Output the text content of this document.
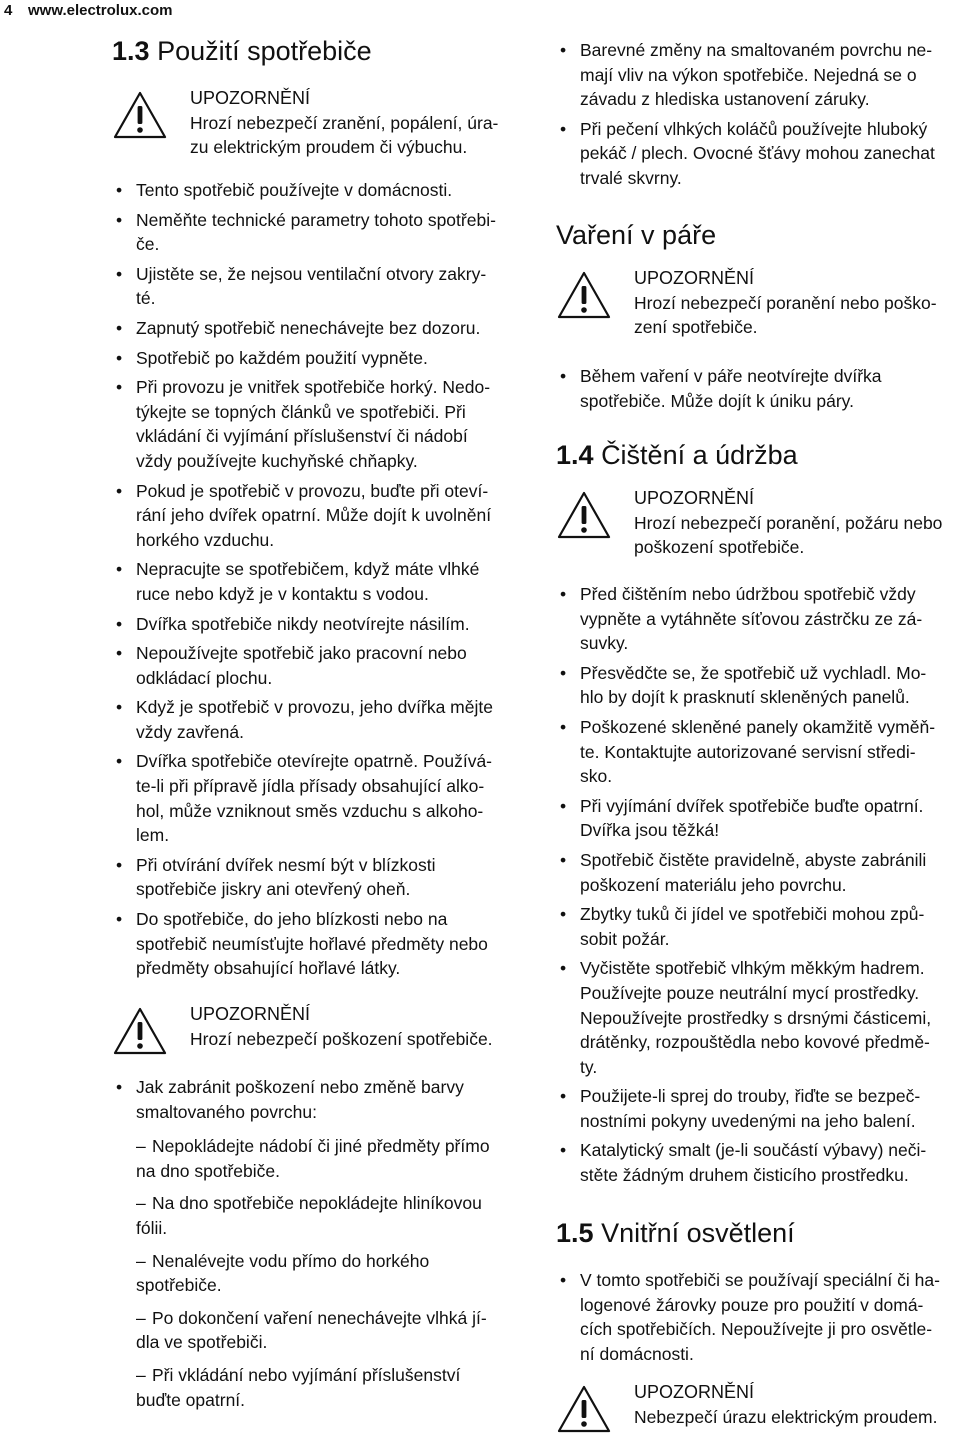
4 www.electrolux.com
1.3 Použití spotřebiče
UPOZORNĚNÍ
Hrozí nebezpečí zranění, popálení, úra-
zu elektrickým proudem či výbuchu.
• Tento spotřebič používejte v domácnosti.
• Neměňte technické parametry tohoto spotřebi-
če.
• Ujistěte se, že nejsou ventilační otvory zakry-
té.
• Zapnutý spotřebič nenechávejte bez dozoru.
• Spotřebič po každém použití vypněte.
• Při provozu je vnitřek spotřebiče horký. Nedo-
týkejte se topných článků ve spotřebiči. Při
vkládání či vyjímání příslušenství či nádobí
vždy používejte kuchyňské chňapky.
• Pokud je spotřebič v provozu, buďte při oteví-
rání jeho dvířek opatrní. Může dojít k uvolnění
horkého vzduchu.
• Nepracujte se spotřebičem, když máte vlhké
ruce nebo když je v kontaktu s vodou.
• Dvířka spotřebiče nikdy neotvírejte násilím.
• Nepoužívejte spotřebič jako pracovní nebo
odkládací plochu.
• Když je spotřebič v provozu, jeho dvířka mějte
vždy zavřená.
• Dvířka spotřebiče otevírejte opatrně. Používá-
te-li při přípravě jídla přísady obsahující alko-
hol, může vzniknout směs vzduchu s alkoho-
lem.
• Při otvírání dvířek nesmí být v blízkosti
spotřebiče jiskry ani otevřený oheň.
• Do spotřebiče, do jeho blízkosti nebo na
spotřebič neumísťujte hořlavé předměty nebo
předměty obsahující hořlavé látky.
UPOZORNĚNÍ
Hrozí nebezpečí poškození spotřebiče.
• Jak zabránit poškození nebo změně barvy
smaltovaného povrchu:
– Nepokládejte nádobí či jiné předměty přímo
na dno spotřebiče.
– Na dno spotřebiče nepokládejte hliníkovou
fólii.
– Nenalévejte vodu přímo do horkého
spotřebiče.
– Po dokončení vaření nenechávejte vlhká jí-
dla ve spotřebiči.
– Při vkládání nebo vyjímání příslušenství
buďte opatrní.
• Barevné změny na smaltovaném povrchu ne-
mají vliv na výkon spotřebiče. Nejedná se o
závadu z hlediska ustanovení záruky.
• Při pečení vlhkých koláčů používejte hluboký
pekáč / plech. Ovocné šťávy mohou zanechat
trvalé skvrny.
Vaření v páře
UPOZORNĚNÍ
Hrozí nebezpečí poranění nebo poško-
zení spotřebiče.
• Během vaření v páře neotvírejte dvířka
spotřebiče. Může dojít k úniku páry.
1.4 Čištění a údržba
UPOZORNĚNÍ
Hrozí nebezpečí poranění, požáru nebo
poškození spotřebiče.
• Před čištěním nebo údržbou spotřebič vždy
vypněte a vytáhněte síťovou zástrčku ze zá-
suvky.
• Přesvědčte se, že spotřebič už vychladl. Mo-
hlo by dojít k prasknutí skleněných panelů.
• Poškozené skleněné panely okamžitě vyměň-
te. Kontaktujte autorizované servisní středi-
sko.
• Při vyjímání dvířek spotřebiče buďte opatrní.
Dvířka jsou těžká!
• Spotřebič čistěte pravidelně, abyste zabránili
poškození materiálu jeho povrchu.
• Zbytky tuků či jídel ve spotřebiči mohou způ-
sobit požár.
• Vyčistěte spotřebič vlhkým měkkým hadrem.
Používejte pouze neutrální mycí prostředky.
Nepoužívejte prostředky s drsnými částicemi,
drátěnky, rozpouštědla nebo kovové předmě-
ty.
• Použijete-li sprej do trouby, řiďte se bezpeč-
nostními pokyny uvedenými na jeho balení.
• Katalytický smalt (je-li součástí výbavy) neči-
stěte žádným druhem čisticího prostředku.
1.5 Vnitřní osvětlení
• V tomto spotřebiči se používají speciální či ha-
logenové žárovky pouze pro použití v domá-
cích spotřebičích. Nepoužívejte ji pro osvětle-
ní domácnosti.
UPOZORNĚNÍ
Nebezpečí úrazu elektrickým proudem.
